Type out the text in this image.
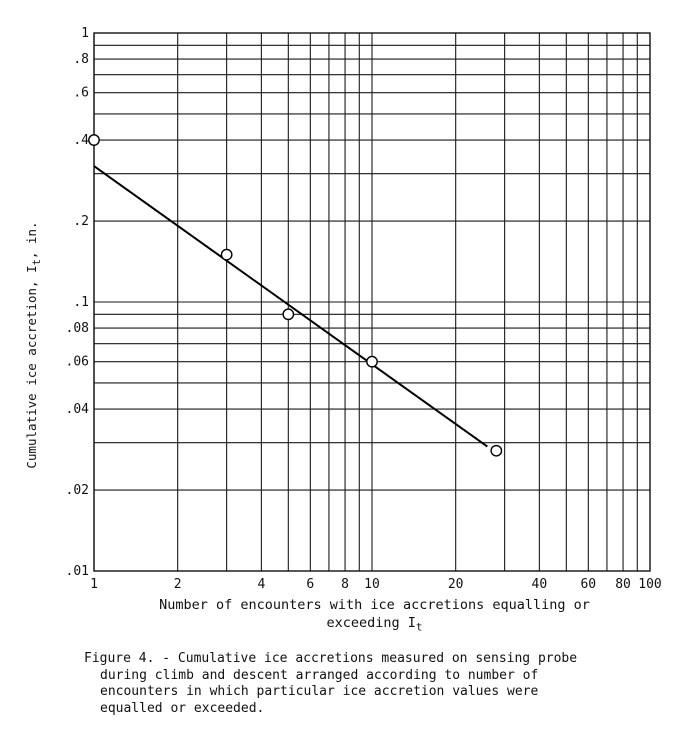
.01
.02
.04
.06
.08
.1
.2
.4
.6
.8
1
1	2	4	6 8 10	20	40	60 80 100
Cumulative ice accretion, $I_t$, in.
Number of encounters with ice accretions equalling or
exceeding $I_t$
Figure 4. - Cumulative ice accretions measured on sensing probe
during climb and descent arranged according to number of
encounters in which particular ice accretion values were
equalled or exceeded.
